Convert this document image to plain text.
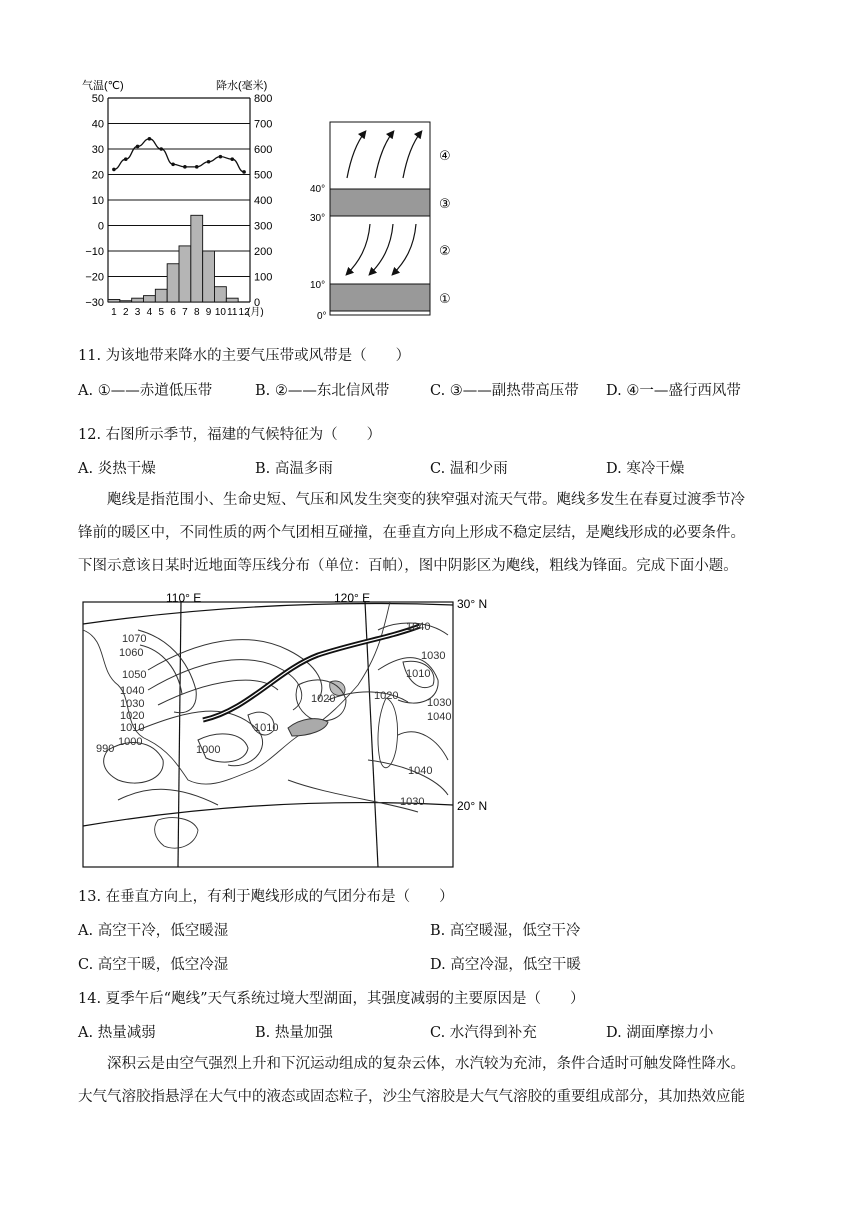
气温(℃)	降水(毫米)
50
40
30
20
10
0
−10
−20
−30
800
700
600
500
400
300
200
100
0
1 2 3 4 5 6 7 8 9 10 11 12
(月)
40°
30°
10°
0°
④
③
②
①
11. 为该地带来降水的主要气压带或风带是（　　）
A. ①——赤道低压带	B. ②——东北信风带	C. ③——副热带高压带 D. ④一—盛行西风带
12. 右图所示季节，福建的气候特征为（　　）
A. 炎热干燥	B. 高温多雨	C. 温和少雨	D. 寒冷干燥

飑线是指范围小、生命史短、气压和风发生突变的狭窄强对流天气带。飑线多发生在春夏过渡季节冷

锋前的暖区中，不同性质的两个气团相互碰撞，在垂直方向上形成不稳定层结，是飑线形成的必要条件。
下图示意该日某时近地面等压线分布（单位：百帕），图中阴影区为飑线，粗线为锋面。完成下面小题。
110° E	120° E	30° N
20° N
1070
1060
1050
1040
1030
1020
1010
990
1000
1010
1020	1020
1040
1030
1010
1030
1040
1040
1030
1000
13. 在垂直方向上，有利于飑线形成的气团分布是（　　）
A. 高空干冷，低空暖湿	B. 高空暖湿，低空干冷
C. 高空干暖，低空冷湿	D. 高空冷湿，低空干暖
14. 夏季午后“飑线”天气系统过境大型湖面，其强度减弱的主要原因是（　　）
A. 热量减弱	B. 热量加强	C. 水汽得到补充	D. 湖面摩擦力小

深积云是由空气强烈上升和下沉运动组成的复杂云体，水汽较为充沛，条件合适时可触发降性降水。

大气气溶胶指悬浮在大气中的液态或固态粒子，沙尘气溶胶是大气气溶胶的重要组成部分，其加热效应能
